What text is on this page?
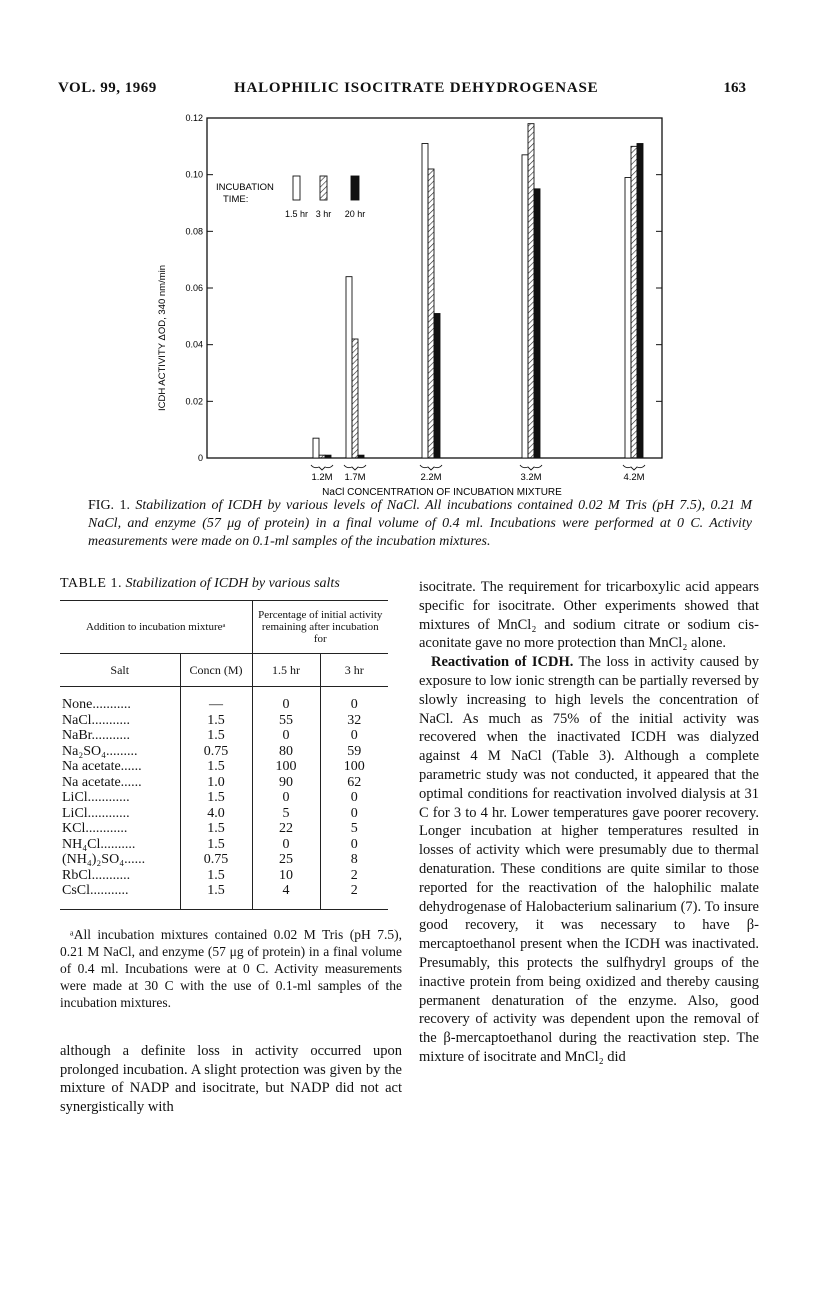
VOL. 99, 1969	HALOPHILIC ISOCITRATE DEHYDROGENASE	163
0
0.02
0.04
0.06
0.08
0.10
0.12
1.2M 1.7M	2.2M	3.2M	4.2M
ICDH ACTIVITY ΔOD, 340 nm/min
NaCl CONCENTRATION OF INCUBATION MIXTURE
INCUBATION
TIME:
1.5 hr 3 hr 20 hr

FIG. 1. Stabilization of ICDH by various levels of NaCl. All incubations contained 0.02 M Tris (pH 7.5), 0.21 M NaCl, and enzyme (57 μg of protein) in a final volume of 0.4 ml. Incubations were performed at 0 C. Activity measurements were made on 0.1-ml samples of the incubation mixtures.

TABLE 1. Stabilization of ICDH by various salts

Addition to incubation mixtureᵃ		Percentage of initial activity remaining after incubation for	
Salt	Concn (M)	1.5 hr	3 hr
None...........	—	0	0
NaCl...........	1.5	55	32
NaBr...........	1.5	0	0
Na₂SO₄.........	0.75	80	59
Na acetate......	1.5	100	100
Na acetate......	1.0	90	62
LiCl............	1.5	0	0
LiCl............	4.0	5	0
KCl............	1.5	22	5
NH₄Cl..........	1.5	0	0
(NH₄)₂SO₄......	0.75	25	8
RbCl...........	1.5	10	2
CsCl...........	1.5	4	2

ᵃAll incubation mixtures contained 0.02 M Tris (pH 7.5), 0.21 M NaCl, and enzyme (57 μg of protein) in a final volume of 0.4 ml. Incubations were at 0 C. Activity measurements were made at 30 C with the use of 0.1-ml samples of the incubation mixtures.

although a definite loss in activity occurred upon prolonged incubation. A slight protection was given by the mixture of NADP and isocitrate, but NADP did not act synergistically with

isocitrate. The requirement for tricarboxylic acid appears specific for isocitrate. Other experiments showed that mixtures of MnCl₂ and sodium citrate or sodium cis-aconitate gave no more protection than MnCl₂ alone.

Reactivation of ICDH. The loss in activity caused by exposure to low ionic strength can be partially reversed by slowly increasing to high levels the concentration of NaCl. As much as 75% of the initial activity was recovered when the inactivated ICDH was dialyzed against 4 M NaCl (Table 3). Although a complete parametric study was not conducted, it appeared that the optimal conditions for reactivation involved dialysis at 31 C for 3 to 4 hr. Lower temperatures gave poorer recovery. Longer incubation at higher temperatures resulted in losses of activity which were presumably due to thermal denaturation. These conditions are quite similar to those reported for the reactivation of the halophilic malate dehydrogenase of Halobacterium salinarium (7). To insure good recovery, it was necessary to have β-mercaptoethanol present when the ICDH was inactivated. Presumably, this protects the sulfhydryl groups of the inactive protein from being oxidized and thereby causing permanent denaturation of the enzyme. Also, good recovery of activity was dependent upon the removal of the β-mercaptoethanol during the reactivation step. The mixture of isocitrate and MnCl₂ did
